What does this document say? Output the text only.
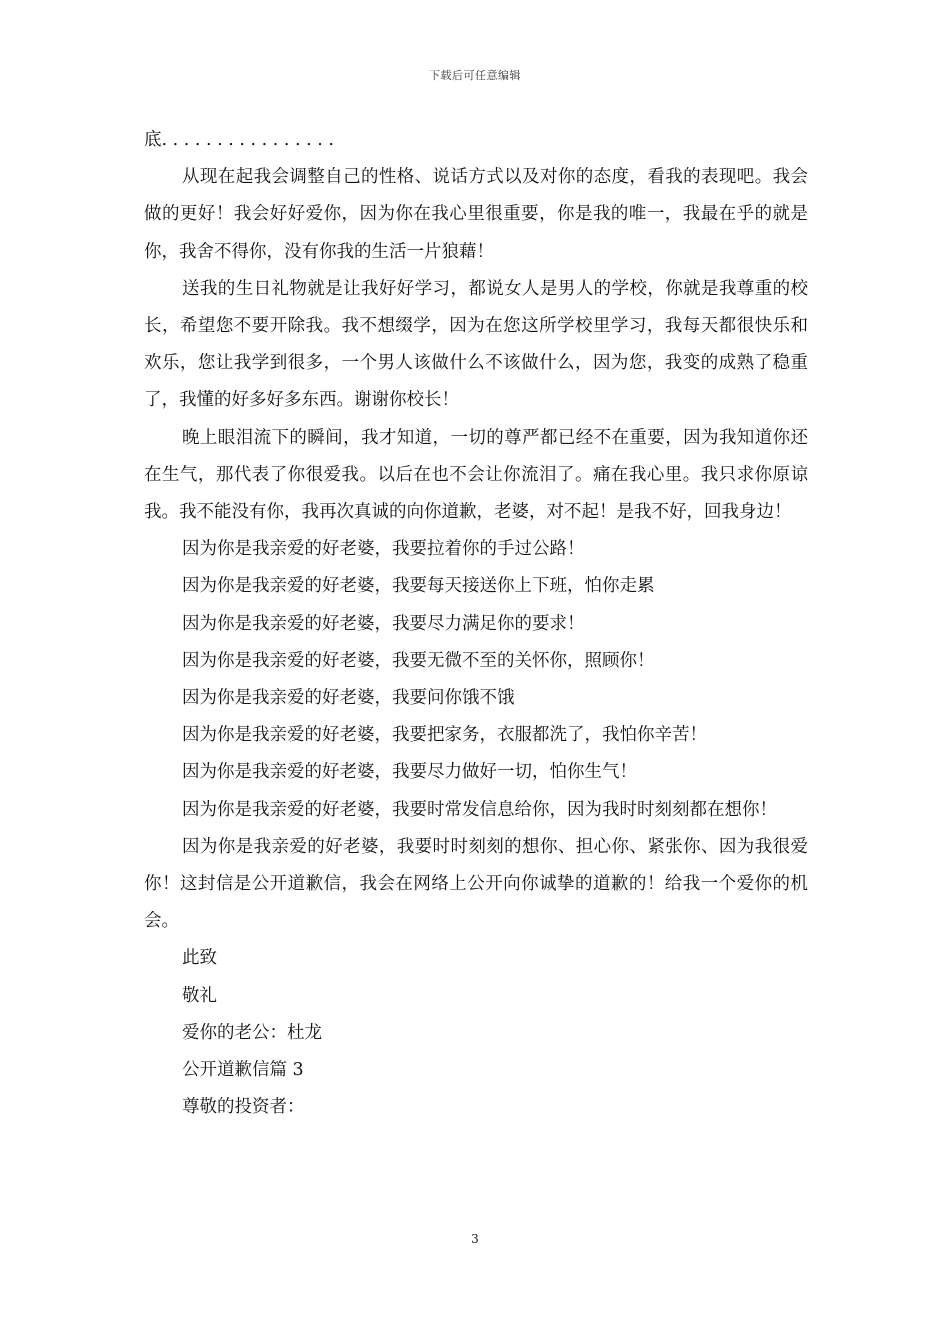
下载后可任意编辑

底. . . . . . . . . . . . . . . .

从现在起我会调整自己的性格、说话方式以及对你的态度，看我的表现吧。我会做的更好！我会好好爱你，因为你在我心里很重要，你是我的唯一，我最在乎的就是你，我舍不得你，没有你我的生活一片狼藉！

送我的生日礼物就是让我好好学习，都说女人是男人的学校，你就是我尊重的校长，希望您不要开除我。我不想缀学，因为在您这所学校里学习，我每天都很快乐和欢乐，您让我学到很多，一个男人该做什么不该做什么，因为您，我变的成熟了稳重了，我懂的好多好多东西。谢谢你校长！

晚上眼泪流下的瞬间，我才知道，一切的尊严都已经不在重要，因为我知道你还在生气，那代表了你很爱我。以后在也不会让你流泪了。痛在我心里。我只求你原谅我。我不能没有你，我再次真诚的向你道歉，老婆，对不起！是我不好，回我身边！

因为你是我亲爱的好老婆，我要拉着你的手过公路！

因为你是我亲爱的好老婆，我要每天接送你上下班，怕你走累

因为你是我亲爱的好老婆，我要尽力满足你的要求！

因为你是我亲爱的好老婆，我要无微不至的关怀你，照顾你！

因为你是我亲爱的好老婆，我要问你饿不饿

因为你是我亲爱的好老婆，我要把家务，衣服都洗了，我怕你辛苦！

因为你是我亲爱的好老婆，我要尽力做好一切，怕你生气！

因为你是我亲爱的好老婆，我要时常发信息给你，因为我时时刻刻都在想你！

因为你是我亲爱的好老婆，我要时时刻刻的想你、担心你、紧张你、因为我很爱你！这封信是公开道歉信，我会在网络上公开向你诚挚的道歉的！给我一个爱你的机会。

此致

敬礼

爱你的老公：杜龙

公开道歉信篇 3

尊敬的投资者：

3
